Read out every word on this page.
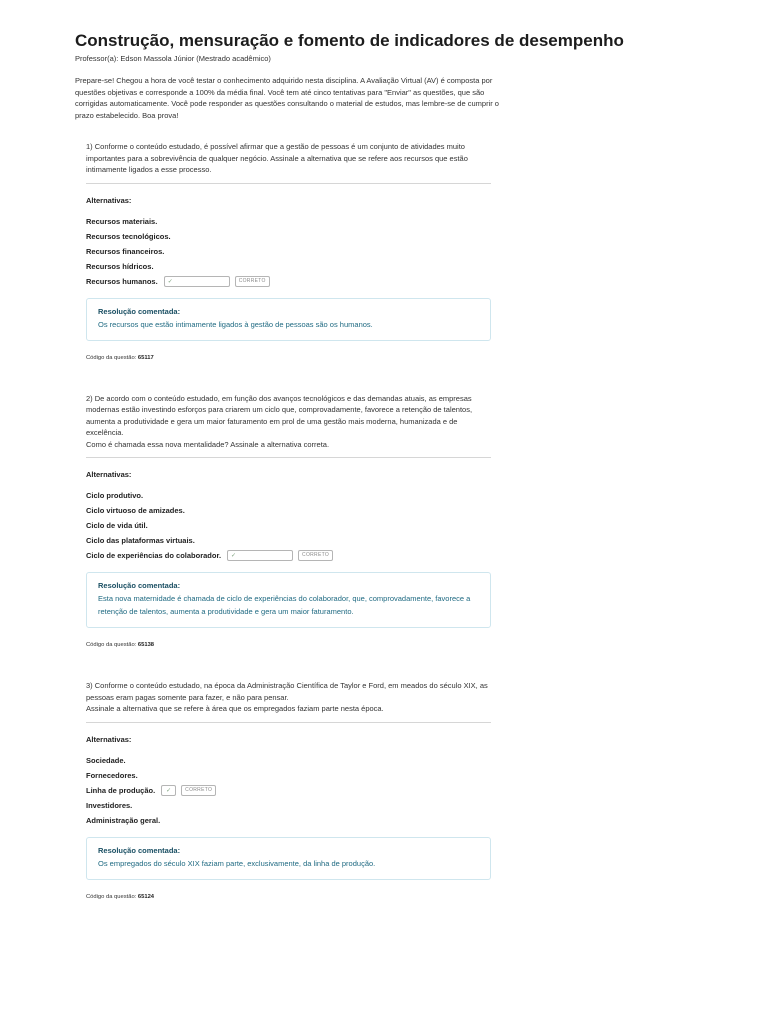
Construção, mensuração e fomento de indicadores de desempenho
Professor(a): Edson Massola Júnior (Mestrado acadêmico)
Prepare-se! Chegou a hora de você testar o conhecimento adquirido nesta disciplina. A Avaliação Virtual (AV) é composta por questões objetivas e corresponde a 100% da média final. Você tem até cinco tentativas para "Enviar" as questões, que são corrigidas automaticamente. Você pode responder as questões consultando o material de estudos, mas lembre-se de cumprir o prazo estabelecido. Boa prova!
1) Conforme o conteúdo estudado, é possível afirmar que a gestão de pessoas é um conjunto de atividades muito importantes para a sobrevivência de qualquer negócio. Assinale a alternativa que se refere aos recursos que estão intimamente ligados a esse processo.
Alternativas:
Recursos materiais.
Recursos tecnológicos.
Recursos financeiros.
Recursos hídricos.
Recursos humanos.	✓	CORRETO
Resolução comentada:
Os recursos que estão intimamente ligados à gestão de pessoas são os humanos.
Código da questão: 65117
2) De acordo com o conteúdo estudado, em função dos avanços tecnológicos e das demandas atuais, as empresas modernas estão investindo esforços para criarem um ciclo que, comprovadamente, favorece a retenção de talentos, aumenta a produtividade e gera um maior faturamento em prol de uma gestão mais moderna, humanizada e de excelência.
Como é chamada essa nova mentalidade? Assinale a alternativa correta.
Alternativas:
Ciclo produtivo.
Ciclo virtuoso de amizades.
Ciclo de vida útil.
Ciclo das plataformas virtuais.
Ciclo de experiências do colaborador.	✓	CORRETO
Resolução comentada:
Esta nova maternidade é chamada de ciclo de experiências do colaborador, que, comprovadamente, favorece a retenção de talentos, aumenta a produtividade e gera um maior faturamento.
Código da questão: 65138
3) Conforme o conteúdo estudado, na época da Administração Científica de Taylor e Ford, em meados do século XIX, as pessoas eram pagas somente para fazer, e não para pensar.
Assinale a alternativa que se refere à área que os empregados faziam parte nesta época.
Alternativas:
Sociedade.
Fornecedores.
Linha de produção.	✓	CORRETO
Investidores.
Administração geral.
Resolução comentada:
Os empregados do século XIX faziam parte, exclusivamente, da linha de produção.
Código da questão: 65124
